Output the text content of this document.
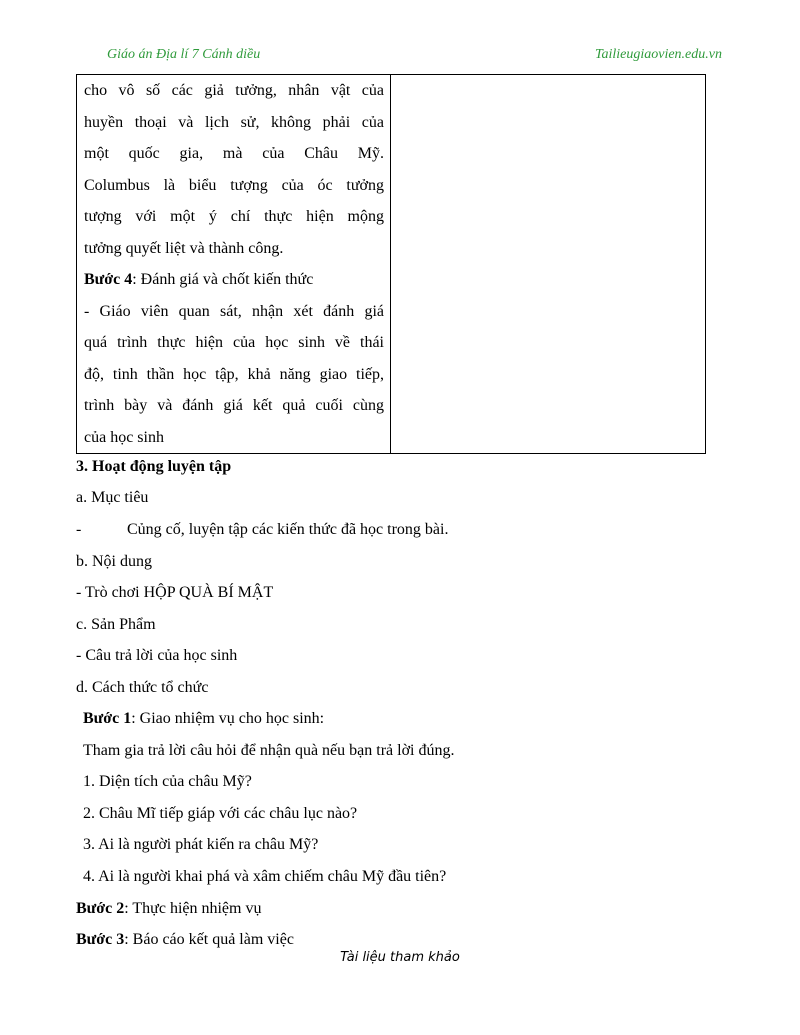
Giáo án Địa lí 7 Cánh diều	Tailieugiaovien.edu.vn
cho vô số các giả tưởng, nhân vật của
huyền thoại và lịch sử, không phải của
một quốc gia, mà của Châu Mỹ.
Columbus là biểu tượng của óc tưởng
tượng với một ý chí thực hiện mộng
tưởng quyết liệt và thành công.
Bước 4: Đánh giá và chốt kiến thức
- Giáo viên quan sát, nhận xét đánh giá
quá trình thực hiện của học sinh về thái
độ, tinh thần học tập, khả năng giao tiếp,
trình bày và đánh giá kết quả cuối cùng
của học sinh
3. Hoạt động luyện tập
a. Mục tiêu
-	Củng cố, luyện tập các kiến thức đã học trong bài.
b. Nội dung
- Trò chơi HỘP QUÀ BÍ MẬT
c. Sản Phẩm
- Câu trả lời của học sinh
d. Cách thức tổ chức
Bước 1: Giao nhiệm vụ cho học sinh:
Tham gia trả lời câu hỏi để nhận quà nếu bạn trả lời đúng.
1. Diện tích của châu Mỹ?
2. Châu Mĩ tiếp giáp với các châu lục nào?
3. Ai là người phát kiến ra châu Mỹ?
4. Ai là người khai phá và xâm chiếm châu Mỹ đầu tiên?
Bước 2: Thực hiện nhiệm vụ
Bước 3: Báo cáo kết quả làm việc
Tài liệu tham khảo
